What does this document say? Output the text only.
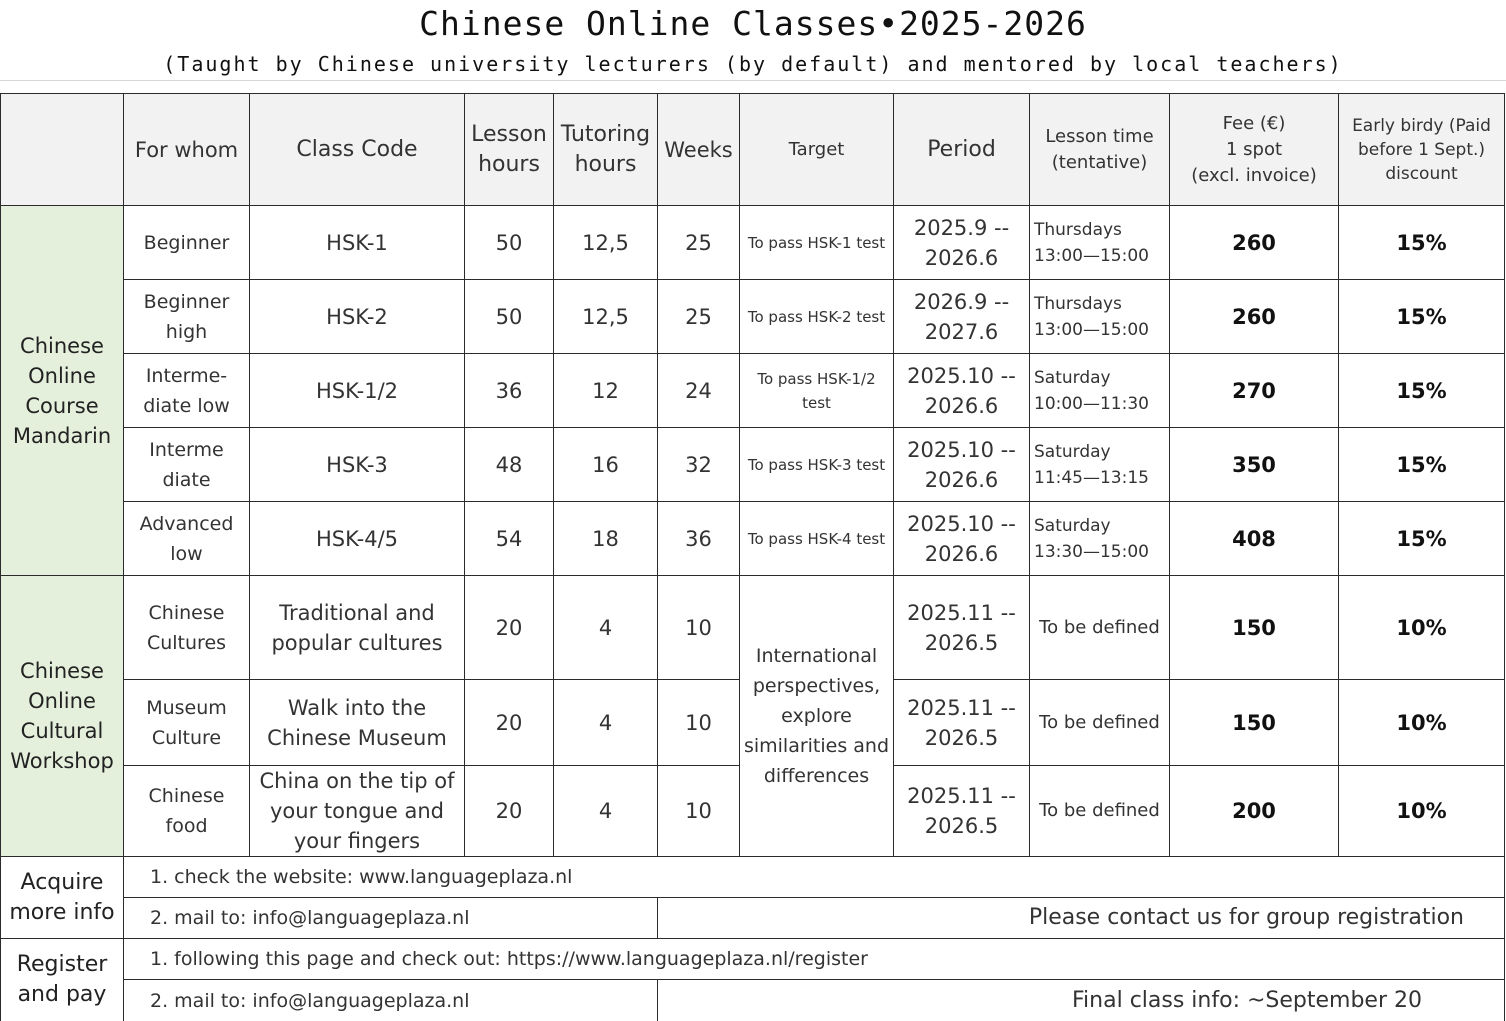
Chinese Online Classes•2025-2026
(Taught by Chinese university lecturers (by default) and mentored by local teachers)
	For whom	Class Code	Lesson
hours	Tutoring
hours	Weeks	Target	Period	Lesson time
(tentative)	Fee (€)
1 spot
(excl. invoice)	Early birdy (Paid
before 1 Sept.)
discount

Chinese
Online
Course
Mandarin	Beginner	HSK-1	50	12,5	25	To pass HSK-1 test	2025.9 --
2026.6	Thursdays
13:00—15:00	260	15%

	Beginner
high	HSK-2	50	12,5	25	To pass HSK-2 test	2026.9 --
2027.6	Thursdays
13:00—15:00	260	15%

	Interme-
diate low	HSK-1/2	36	12	24	To pass HSK-1/2
test	2025.10 --
2026.6	Saturday
10:00—11:30	270	15%

	Interme
diate	HSK-3	48	16	32	To pass HSK-3 test	2025.10 --
2026.6	Saturday
11:45—13:15	350	15%

	Advanced
low	HSK-4/5	54	18	36	To pass HSK-4 test	2025.10 --
2026.6	Saturday
13:30—15:00	408	15%

Chinese
Online
Cultural
Workshop	Chinese
Cultures	Traditional and
popular cultures	20	4	10	International
perspectives,
explore
similarities and
differences	2025.11 --
2026.5	To be defined	150	10%

	Museum
Culture	Walk into the
Chinese Museum	20	4	10		2025.11 --
2026.5	To be defined	150	10%

	Chinese food	China on the tip of
your tongue and
your fingers	20	4	10		2025.11 --
2026.5	To be defined	200	10%

Acquire
more info	1. check the website: www.languageplaza.nl									
	2. mail to: info@languageplaza.nl				Please contact us for group registration					

Register
and pay	1. following this page and check out: https://www.languageplaza.nl/register									
	2. mail to: info@languageplaza.nl				Final class info: ~September 20					
